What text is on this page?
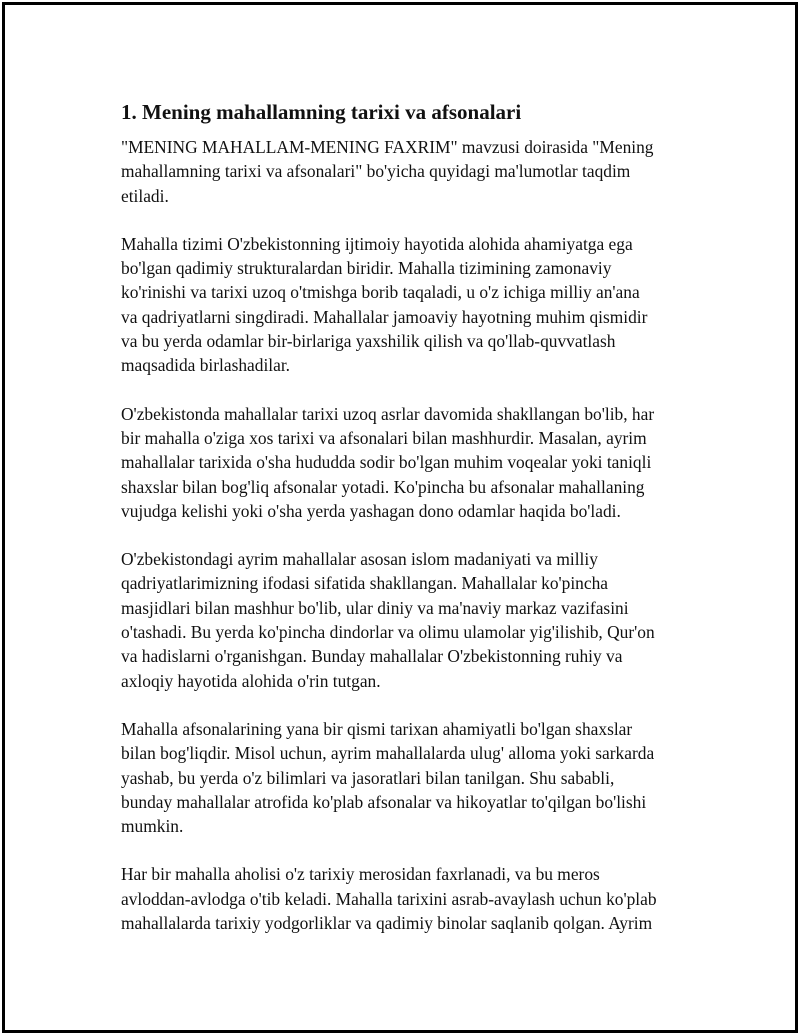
1. Mening mahallamning tarixi va afsonalari

"MENING MAHALLAM-MENING FAXRIM" mavzusi doirasida "Mening
mahallamning tarixi va afsonalari" bo'yicha quyidagi ma'lumotlar taqdim
etiladi.

Mahalla tizimi O'zbekistonning ijtimoiy hayotida alohida ahamiyatga ega
bo'lgan qadimiy strukturalardan biridir. Mahalla tizimining zamonaviy
ko'rinishi va tarixi uzoq o'tmishga borib taqaladi, u o'z ichiga milliy an'ana
va qadriyatlarni singdiradi. Mahallalar jamoaviy hayotning muhim qismidir
va bu yerda odamlar bir-birlariga yaxshilik qilish va qo'llab-quvvatlash
maqsadida birlashadilar.

O'zbekistonda mahallalar tarixi uzoq asrlar davomida shakllangan bo'lib, har
bir mahalla o'ziga xos tarixi va afsonalari bilan mashhurdir. Masalan, ayrim
mahallalar tarixida o'sha hududda sodir bo'lgan muhim voqealar yoki taniqli
shaxslar bilan bog'liq afsonalar yotadi. Ko'pincha bu afsonalar mahallaning
vujudga kelishi yoki o'sha yerda yashagan dono odamlar haqida bo'ladi.

O'zbekistondagi ayrim mahallalar asosan islom madaniyati va milliy
qadriyatlarimizning ifodasi sifatida shakllangan. Mahallalar ko'pincha
masjidlari bilan mashhur bo'lib, ular diniy va ma'naviy markaz vazifasini
o'tashadi. Bu yerda ko'pincha dindorlar va olimu ulamolar yig'ilishib, Qur'on
va hadislarni o'rganishgan. Bunday mahallalar O'zbekistonning ruhiy va
axloqiy hayotida alohida o'rin tutgan.

Mahalla afsonalarining yana bir qismi tarixan ahamiyatli bo'lgan shaxslar
bilan bog'liqdir. Misol uchun, ayrim mahallalarda ulug' alloma yoki sarkarda
yashab, bu yerda o'z bilimlari va jasoratlari bilan tanilgan. Shu sababli,
bunday mahallalar atrofida ko'plab afsonalar va hikoyatlar to'qilgan bo'lishi
mumkin.

Har bir mahalla aholisi o'z tarixiy merosidan faxrlanadi, va bu meros
avloddan-avlodga o'tib keladi. Mahalla tarixini asrab-avaylash uchun ko'plab
mahallalarda tarixiy yodgorliklar va qadimiy binolar saqlanib qolgan. Ayrim
